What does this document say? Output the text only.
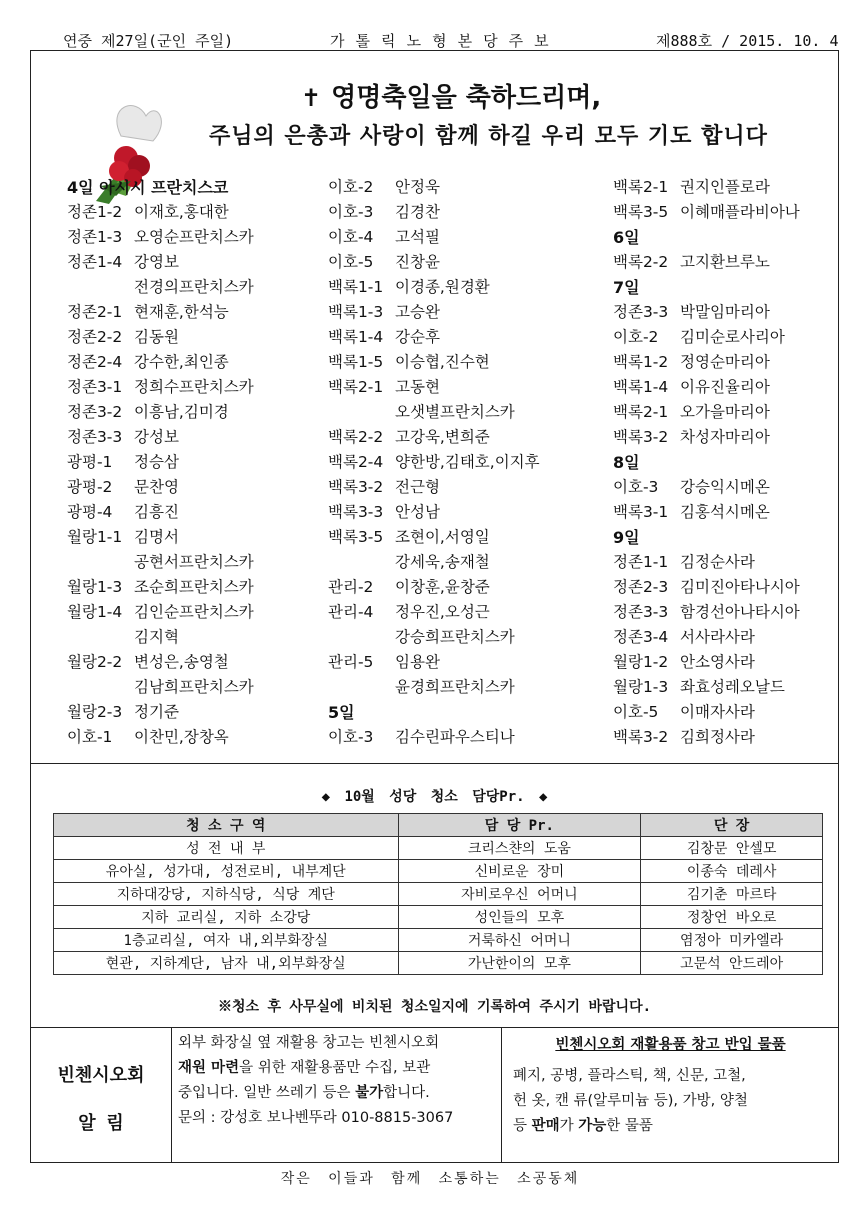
연중 제27일(군인 주일)	가 톨 릭 노 형 본 당 주 보	제888호 / 2015. 10. 4
✝ 영명축일을 축하드리며,
주님의 은총과 사랑이 함께 하길 우리 모두 기도 합니다
4일 아시시 프란치스코
정존1-2 이재호,홍대한
정존1-3 오영순프란치스카
정존1-4 강영보
전경의프란치스카
정존2-1 현재훈,한석능
정존2-2 김동원
정존2-4 강수한,최인종
정존3-1 정희수프란치스카
정존3-2 이흥남,김미경
정존3-3 강성보
광평-1 정승삼
광평-2 문찬영
광평-4 김흥진
월랑1-1 김명서
공현서프란치스카
월랑1-3 조순희프란치스카
월랑1-4 김인순프란치스카
김지혁
월랑2-2 변성은,송영철
김남희프란치스카
월랑2-3 정기준
이호-1 이찬민,장창옥
이호-2 안정욱
이호-3 김경찬
이호-4 고석필
이호-5 진창윤
백록1-1 이경종,원경환
백록1-3 고승완
백록1-4 강순후
백록1-5 이승협,진수현
백록2-1 고동현
오샛별프란치스카
백록2-2 고강욱,변희준
백록2-4 양한방,김태호,이지후
백록3-2 전근형
백록3-3 안성남
백록3-5 조현이,서영일
강세욱,송재철
관리-2 이창훈,윤창준
관리-4 정우진,오성근
강승희프란치스카
관리-5 임용완
윤경희프란치스카
5일
이호-3 김수린파우스티나
백록2-1 권지인플로라
백록3-5 이혜매플라비아나
6일
백록2-2 고지환브루노
7일
정존3-3 박말임마리아
이호-2 김미순로사리아
백록1-2 정영순마리아
백록1-4 이유진율리아
백록2-1 오가을마리아
백록3-2 차성자마리아
8일
이호-3 강승익시메온
백록3-1 김홍석시메온
9일
정존1-1 김정순사라
정존2-3 김미진아타나시아
정존3-3 함경선아나타시아
정존3-4 서사라사라
월랑1-2 안소영사라
월랑1-3 좌효성레오날드
이호-5 이매자사라
백록3-2 김희정사라
◆ 10월 성당 청소 담당Pr. ◆
청 소 구 역	담 당 Pr.	단 장
성 전 내 부	크리스챤의 도움	김창문 안셀모
유아실, 성가대, 성전로비, 내부계단	신비로운 장미	이종숙 데레사
지하대강당, 지하식당, 식당 계단	자비로우신 어머니	김기춘 마르타
지하 교리실, 지하 소강당	성인들의 모후	정창언 바오로
1층교리실, 여자 내,외부화장실	거룩하신 어머니	염정아 미카엘라
현관, 지하계단, 남자 내,외부화장실	가난한이의 모후	고문석 안드레아
※청소 후 사무실에 비치된 청소일지에 기록하여 주시기 바랍니다.
빈첸시오회
알 림
외부 화장실 옆 재활용 창고는 빈첸시오회
재원 마련을 위한 재활용품만 수집, 보관
중입니다. 일반 쓰레기 등은 불가합니다.
문의 : 강성호 보나벤뚜라 010-8815-3067
빈첸시오회 재활용품 창고 반입 물품
폐지, 공병, 플라스틱, 책, 신문, 고철,
헌 옷, 캔 류(알루미늄 등), 가방, 양철
등 판매가 가능한 물품
작은 이들과 함께 소통하는 소공동체
